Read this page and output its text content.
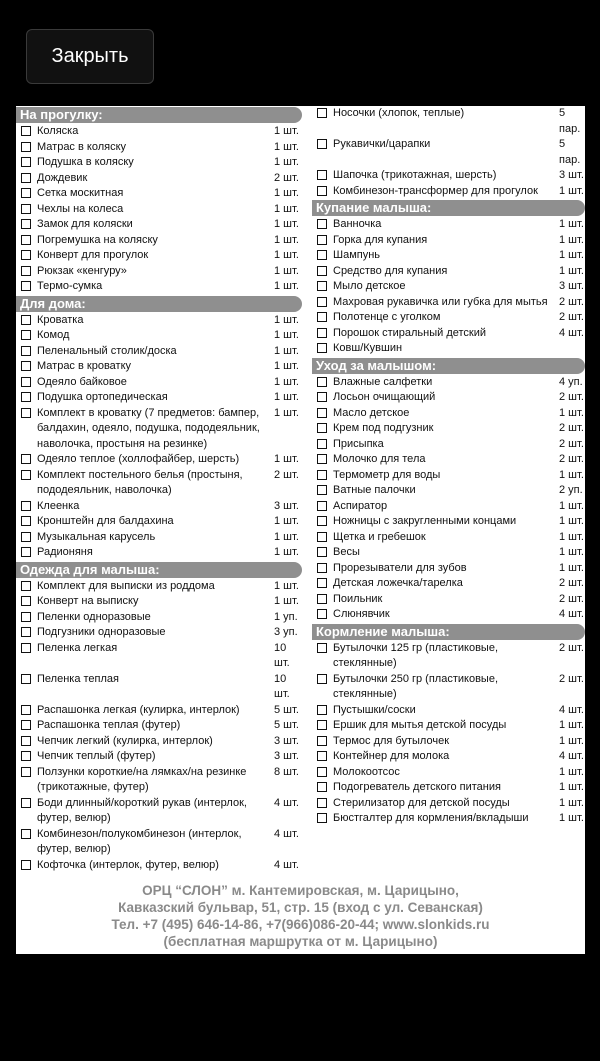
Закрыть
На прогулку:
Коляска	1 шт.
Матрас в коляску	1 шт.
Подушка в коляску	1 шт.
Дождевик	2 шт.
Сетка москитная	1 шт.
Чехлы на колеса	1 шт.
Замок для коляски	1 шт.
Погремушка на коляску	1 шт.
Конверт для прогулок	1 шт.
Рюкзак «кенгуру»	1 шт.
Термо-сумка	1 шт.
Для дома:
Кроватка	1 шт.
Комод	1 шт.
Пеленальный столик/доска	1 шт.
Матрас в кроватку	1 шт.
Одеяло байковое	1 шт.
Подушка ортопедическая	1 шт.
Комплект в кроватку (7 предметов: бампер, балдахин, одеяло, подушка, пододеяльник, наволочка, простыня на резинке)
1 шт.
Одеяло теплое (холлофайбер, шерсть)	1 шт.
Комплект постельного белья (простыня, пододеяльник, наволочка)
2 шт.
Клеенка	3 шт.
Кронштейн для балдахина	1 шт.
Музыкальная карусель	1 шт.
Радионяня	1 шт.
Одежда для малыша:
Комплект для выписки из роддома	1 шт.
Конверт на выписку	1 шт.
Пеленки одноразовые	1 уп.
Подгузники одноразовые	3 уп.
Пеленка легкая	10 шт.
Пеленка теплая	10 шт.
Распашонка легкая (кулирка, интерлок)	5 шт.
Распашонка теплая (футер)	5 шт.
Чепчик легкий (кулирка, интерлок)	3 шт.
Чепчик теплый (футер)	3 шт.
Ползунки короткие/на лямках/на резинке (трикотажные, футер)
8 шт.
Боди длинный/короткий рукав (интерлок, футер, велюр)
4 шт.
Комбинезон/полукомбинезон (интерлок, футер, велюр)
4 шт.
Кофточка (интерлок, футер, велюр)	4 шт.
Носочки (хлопок, теплые)	5 пар.
Рукавички/царапки	5 пар.
Шапочка (трикотажная, шерсть)	3 шт.
Комбинезон-трансформер для прогулок	1 шт.
Купание малыша:
Ванночка	1 шт.
Горка для купания	1 шт.
Шампунь	1 шт.
Средство для купания	1 шт.
Мыло детское	3 шт.
Махровая рукавичка или губка для мытья	2 шт.
Полотенце с уголком	2 шт.
Порошок стиральный детский	4 шт.
Ковш/Кувшин
Уход за малышом:
Влажные салфетки	4 уп.
Лосьон очищающий	2 шт.
Масло детское	1 шт.
Крем под подгузник	2 шт.
Присыпка	2 шт.
Молочко для тела	2 шт.
Термометр для воды	1 шт.
Ватные палочки	2 уп.
Аспиратор	1 шт.
Ножницы с закругленными концами	1 шт.
Щетка и гребешок	1 шт.
Весы	1 шт.
Прорезыватели для зубов	1 шт.
Детская ложечка/тарелка	2 шт.
Поильник	2 шт.
Слюнявчик	4 шт.
Кормление малыша:
Бутылочки 125 гр (пластиковые, стеклянные)
2 шт.
Бутылочки 250 гр (пластиковые, стеклянные)
2 шт.
Пустышки/соски	4 шт.
Ершик для мытья детской посуды	1 шт.
Термос для бутылочек	1 шт.
Контейнер для молока	4 шт.
Молокоотсос	1 шт.
Подогреватель детского питания	1 шт.
Стерилизатор для детской посуды	1 шт.
Бюстгалтер для кормления/вкладыши	1 шт.
ОРЦ “СЛОН” м. Кантемировская, м. Царицыно,
Кавказский бульвар, 51, стр. 15 (вход с ул. Севанская)
Тел. +7 (495) 646-14-86, +7(966)086-20-44; www.slonkids.ru
(бесплатная маршрутка от м. Царицыно)
